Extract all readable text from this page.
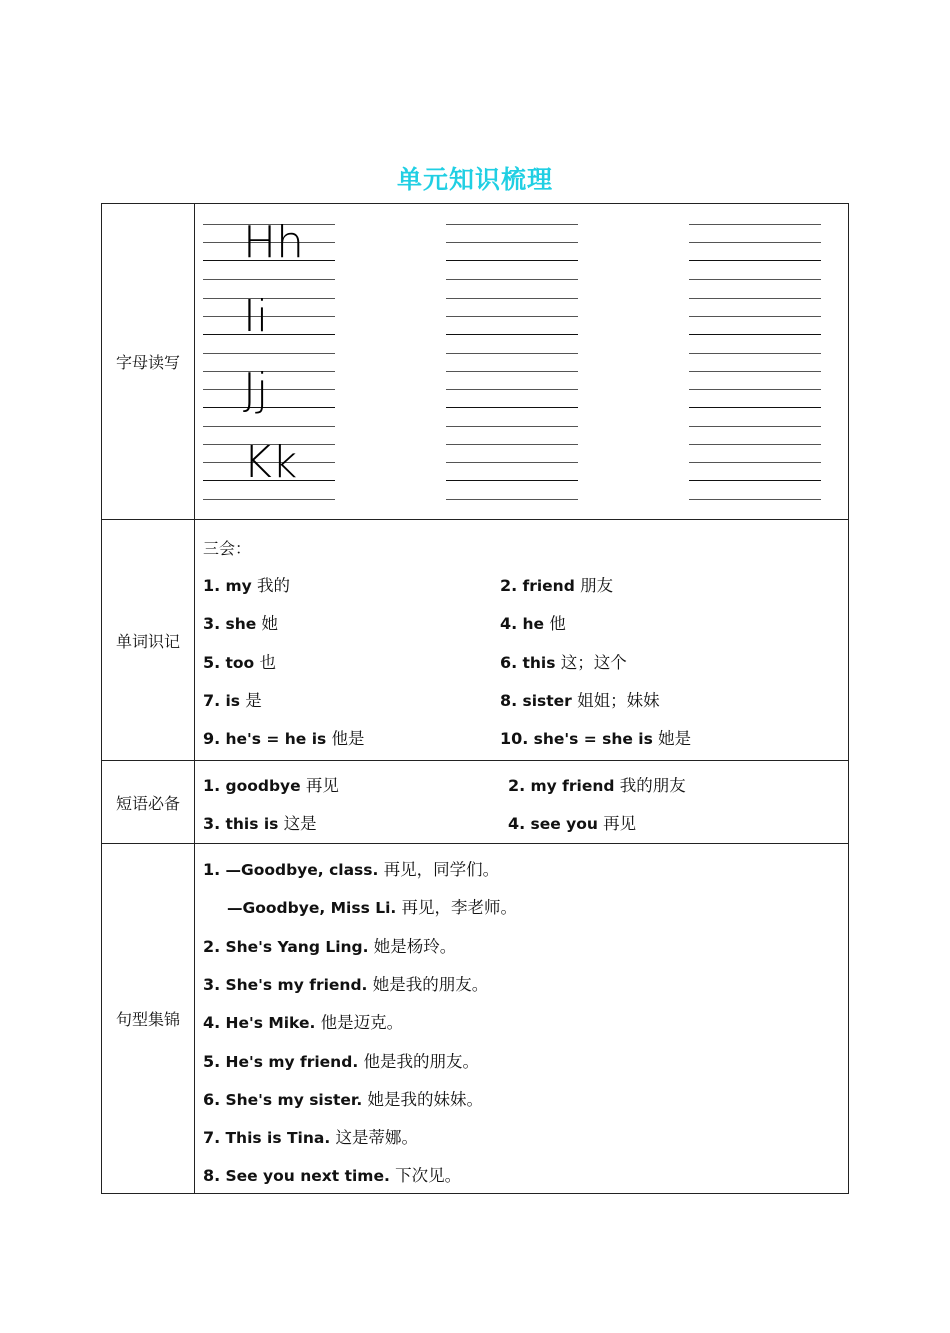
单元知识梳理
字母读写
Hh
Ii
Jj
Kk
单词识记
三会：
1. my 我的	2. friend 朋友
3. she 她	4. he 他
5. too 也	6. this 这；这个
7. is 是	8. sister 姐姐；妹妹
9. he's = he is 他是	10. she's = she is 她是
短语必备
1. goodbye 再见	2. my friend 我的朋友
3. this is 这是	4. see you 再见
句型集锦
1. —Goodbye, class. 再见，同学们。
—Goodbye, Miss Li. 再见，李老师。
2. She's Yang Ling. 她是杨玲。
3. She's my friend. 她是我的朋友。
4. He's Mike. 他是迈克。
5. He's my friend. 他是我的朋友。
6. She's my sister. 她是我的妹妹。
7. This is Tina. 这是蒂娜。
8. See you next time. 下次见。
